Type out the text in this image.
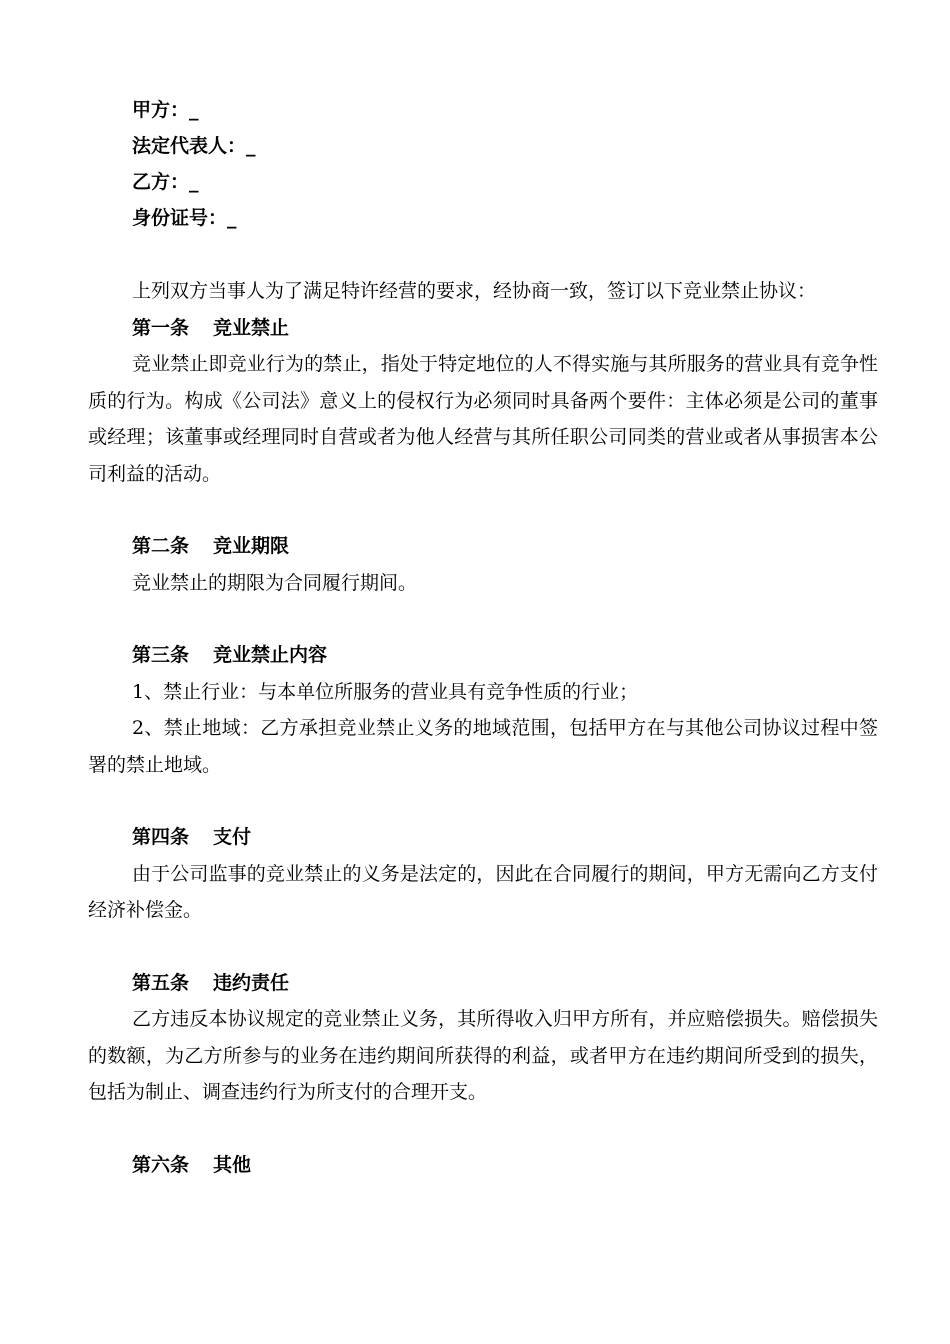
甲方：_
法定代表人：_
乙方：_
身份证号：_

上列双方当事人为了满足特许经营的要求，经协商一致，签订以下竞业禁止协议：

第一条 竞业禁止

竞业禁止即竞业行为的禁止，指处于特定地位的人不得实施与其所服务的营业具有竞争性质的行为。构成《公司法》意义上的侵权行为必须同时具备两个要件：主体必须是公司的董事或经理；该董事或经理同时自营或者为他人经营与其所任职公司同类的营业或者从事损害本公司利益的活动。

第二条 竞业期限

竞业禁止的期限为合同履行期间。

第三条 竞业禁止内容

1、禁止行业：与本单位所服务的营业具有竞争性质的行业；

2、禁止地域：乙方承担竞业禁止义务的地域范围，包括甲方在与其他公司协议过程中签署的禁止地域。

第四条 支付

由于公司监事的竞业禁止的义务是法定的，因此在合同履行的期间，甲方无需向乙方支付经济补偿金。

第五条 违约责任

乙方违反本协议规定的竞业禁止义务，其所得收入归甲方所有，并应赔偿损失。赔偿损失的数额，为乙方所参与的业务在违约期间所获得的利益，或者甲方在违约期间所受到的损失，包括为制止、调查违约行为所支付的合理开支。

第六条 其他
